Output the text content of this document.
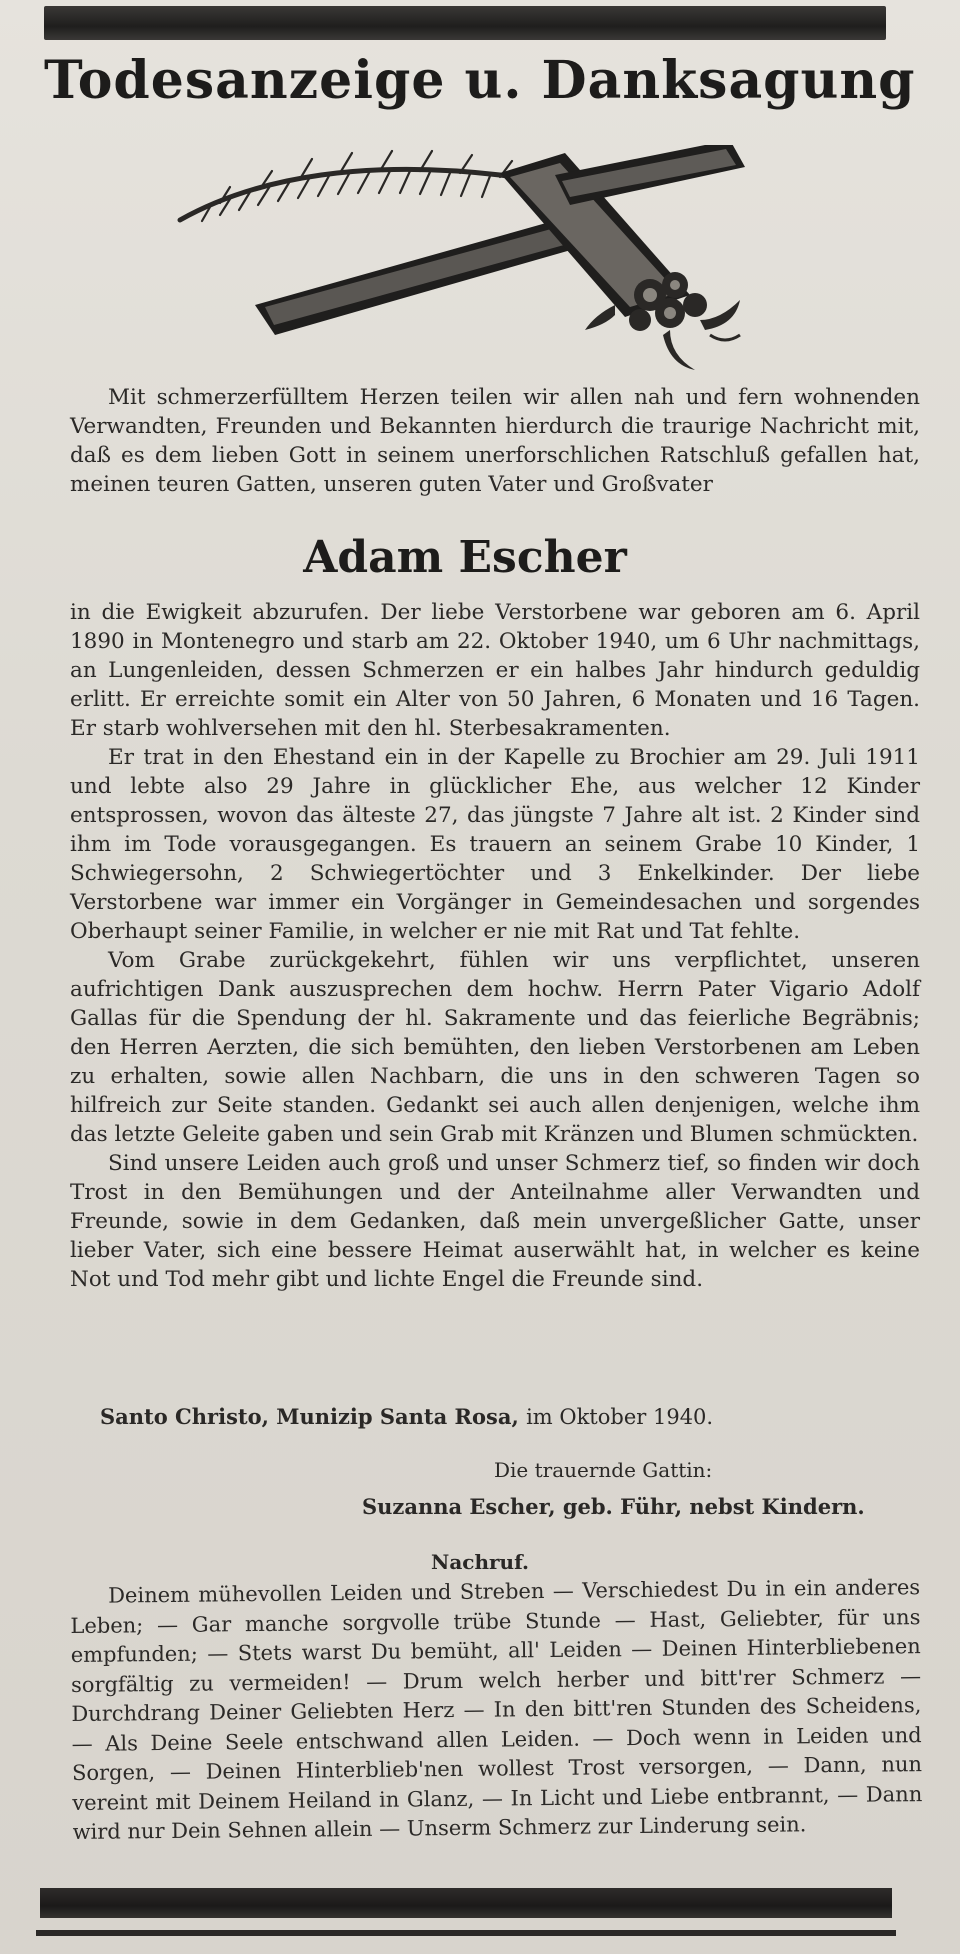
Todesanzeige u. Danksagung

Mit schmerzerfülltem Herzen teilen wir allen nah und fern wohnenden Verwandten, Freunden und Bekannten hierdurch die traurige Nachricht mit, daß es dem lieben Gott in seinem unerforschlichen Ratschluß gefallen hat, meinen teuren Gatten, unseren guten Vater und Großvater

Adam Escher

in die Ewigkeit abzurufen. Der liebe Verstorbene war geboren am 6. April 1890 in Montenegro und starb am 22. Oktober 1940, um 6 Uhr nachmittags, an Lungenleiden, dessen Schmerzen er ein halbes Jahr hindurch geduldig erlitt. Er erreichte somit ein Alter von 50 Jahren, 6 Monaten und 16 Tagen. Er starb wohlversehen mit den hl. Sterbesakramenten.

Er trat in den Ehestand ein in der Kapelle zu Brochier am 29. Juli 1911 und lebte also 29 Jahre in glücklicher Ehe, aus welcher 12 Kinder entsprossen, wovon das älteste 27, das jüngste 7 Jahre alt ist. 2 Kinder sind ihm im Tode vorausgegangen. Es trauern an seinem Grabe 10 Kinder, 1 Schwiegersohn, 2 Schwiegertöchter und 3 Enkelkinder. Der liebe Verstorbene war immer ein Vorgänger in Gemeindesachen und sorgendes Oberhaupt seiner Familie, in welcher er nie mit Rat und Tat fehlte.

Vom Grabe zurückgekehrt, fühlen wir uns verpflichtet, unseren aufrichtigen Dank auszusprechen dem hochw. Herrn Pater Vigario Adolf Gallas für die Spendung der hl. Sakramente und das feierliche Begräbnis; den Herren Aerzten, die sich bemühten, den lieben Verstorbenen am Leben zu erhalten, sowie allen Nachbarn, die uns in den schweren Tagen so hilfreich zur Seite standen. Gedankt sei auch allen denjenigen, welche ihm das letzte Geleite gaben und sein Grab mit Kränzen und Blumen schmückten.

Sind unsere Leiden auch groß und unser Schmerz tief, so finden wir doch Trost in den Bemühungen und der Anteilnahme aller Verwandten und Freunde, sowie in dem Gedanken, daß mein unvergeßlicher Gatte, unser lieber Vater, sich eine bessere Heimat auserwählt hat, in welcher es keine Not und Tod mehr gibt und lichte Engel die Freunde sind.

Santo Christo, Munizip Santa Rosa, im Oktober 1940.
Die trauernde Gattin:
Suzanna Escher, geb. Führ, nebst Kindern.
Nachruf.

Deinem mühevollen Leiden und Streben — Verschiedest Du in ein anderes Leben; — Gar manche sorgvolle trübe Stunde — Hast, Geliebter, für uns empfunden; — Stets warst Du bemüht, all' Leiden — Deinen Hinterbliebenen sorgfältig zu vermeiden! — Drum welch herber und bitt'rer Schmerz — Durchdrang Deiner Geliebten Herz — In den bitt'ren Stunden des Scheidens, — Als Deine Seele entschwand allen Leiden. — Doch wenn in Leiden und Sorgen, — Deinen Hinterblieb'nen wollest Trost versorgen, — Dann, nun vereint mit Deinem Heiland in Glanz, — In Licht und Liebe entbrannt, — Dann wird nur Dein Sehnen allein — Unserm Schmerz zur Linderung sein.
